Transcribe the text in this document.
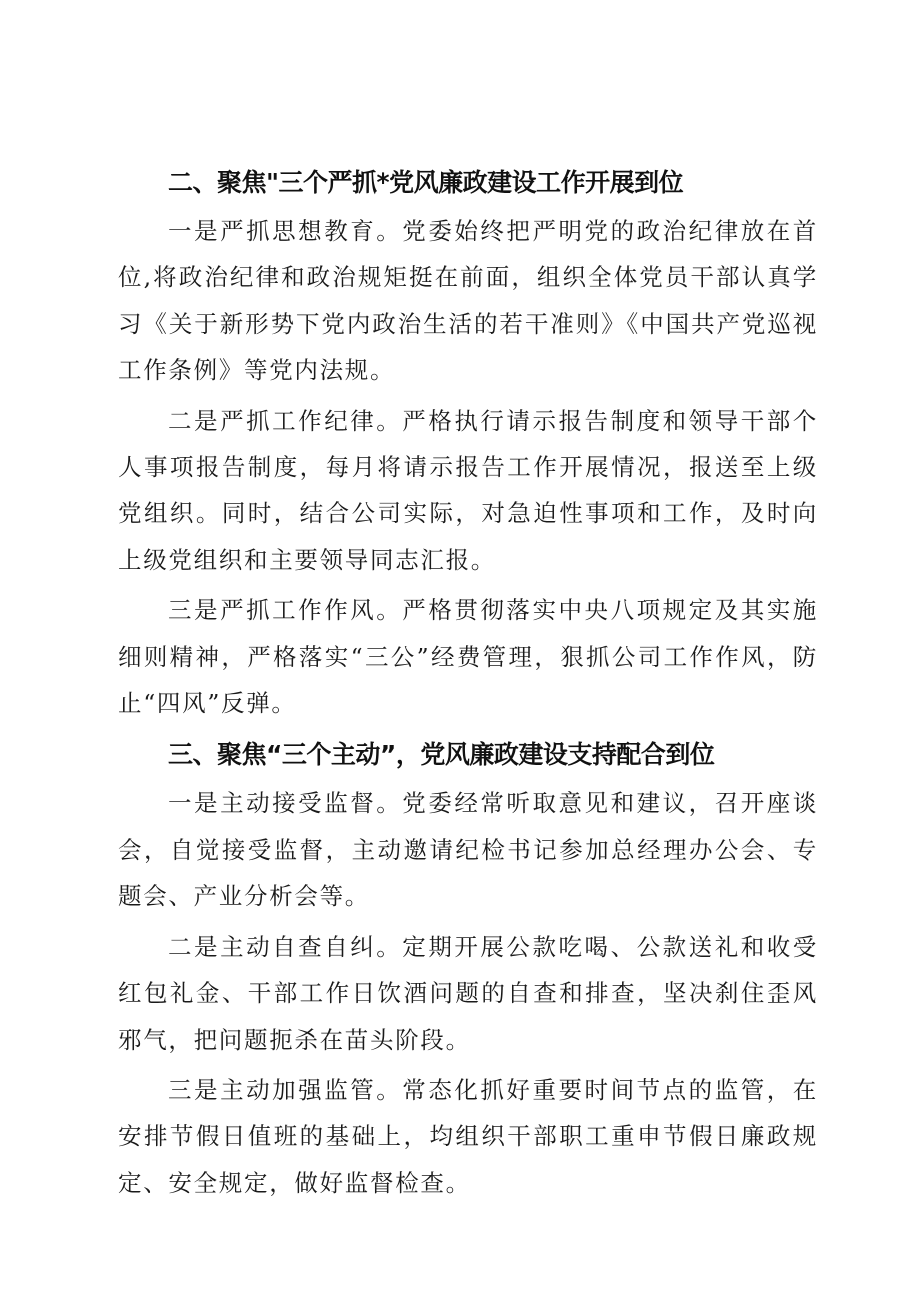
二、聚焦"三个严抓*党风廉政建设工作开展到位

一是严抓思想教育。党委始终把严明党的政治纪律放在首位,将政治纪律和政治规矩挺在前面，组织全体党员干部认真学习《关于新形势下党内政治生活的若干准则》《中国共产党巡视工作条例》等党内法规。

二是严抓工作纪律。严格执行请示报告制度和领导干部个人事项报告制度，每月将请示报告工作开展情况，报送至上级党组织。同时，结合公司实际，对急迫性事项和工作，及时向上级党组织和主要领导同志汇报。

三是严抓工作作风。严格贯彻落实中央八项规定及其实施细则精神，严格落实“三公”经费管理，狠抓公司工作作风，防止“四风”反弹。

三、聚焦“三个主动”，党风廉政建设支持配合到位

一是主动接受监督。党委经常听取意见和建议，召开座谈会，自觉接受监督，主动邀请纪检书记参加总经理办公会、专题会、产业分析会等。

二是主动自查自纠。定期开展公款吃喝、公款送礼和收受红包礼金、干部工作日饮酒问题的自查和排查，坚决刹住歪风邪气，把问题扼杀在苗头阶段。

三是主动加强监管。常态化抓好重要时间节点的监管，在安排节假日值班的基础上，均组织干部职工重申节假日廉政规定、安全规定，做好监督检查。
